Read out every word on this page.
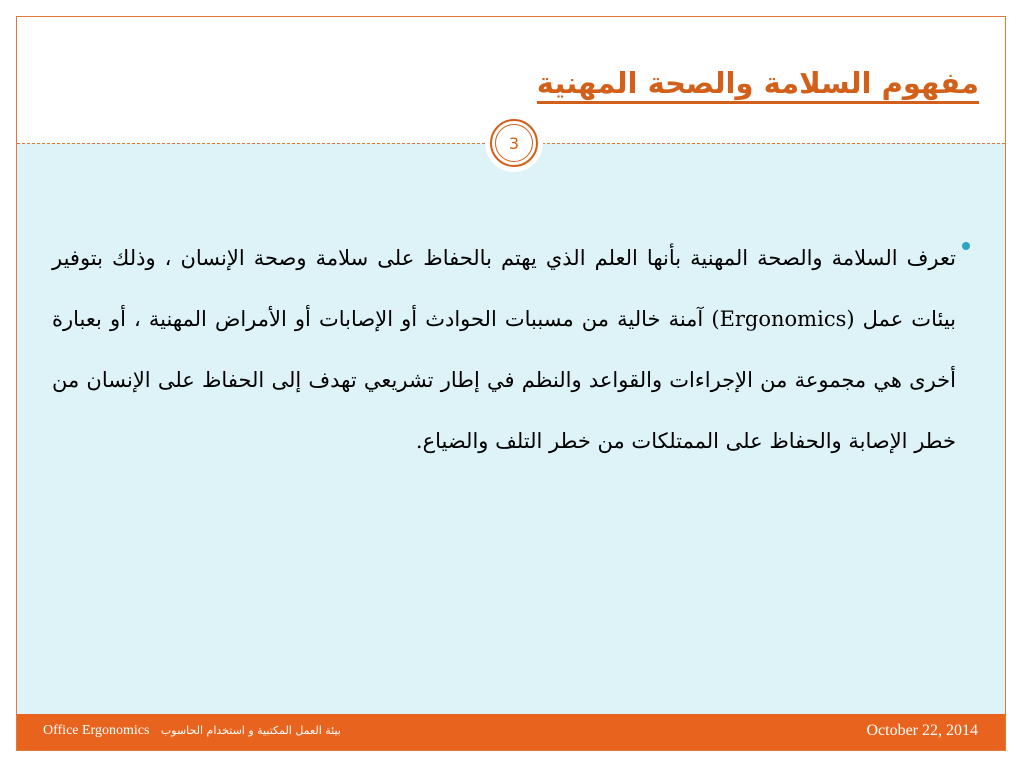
مفهوم السلامة والصحة المهنية
تعرف السلامة والصحة المهنية بأنها العلم الذي يهتم بالحفاظ على سلامة وصحة الإنسان ، وذلك بتوفير بيئات عمل (Ergonomics) آمنة خالية من مسببات الحوادث أو الإصابات أو الأمراض المهنية ، أو بعبارة أخرى هي مجموعة من الإجراءات والقواعد والنظم في إطار تشريعي تهدف إلى الحفاظ على الإنسان من خطر الإصابة والحفاظ على الممتلكات من خطر التلف والضياع.
3
Office Ergonomics بيئة العمل المكتبية و استخدام الحاسوب	October 22, 2014
